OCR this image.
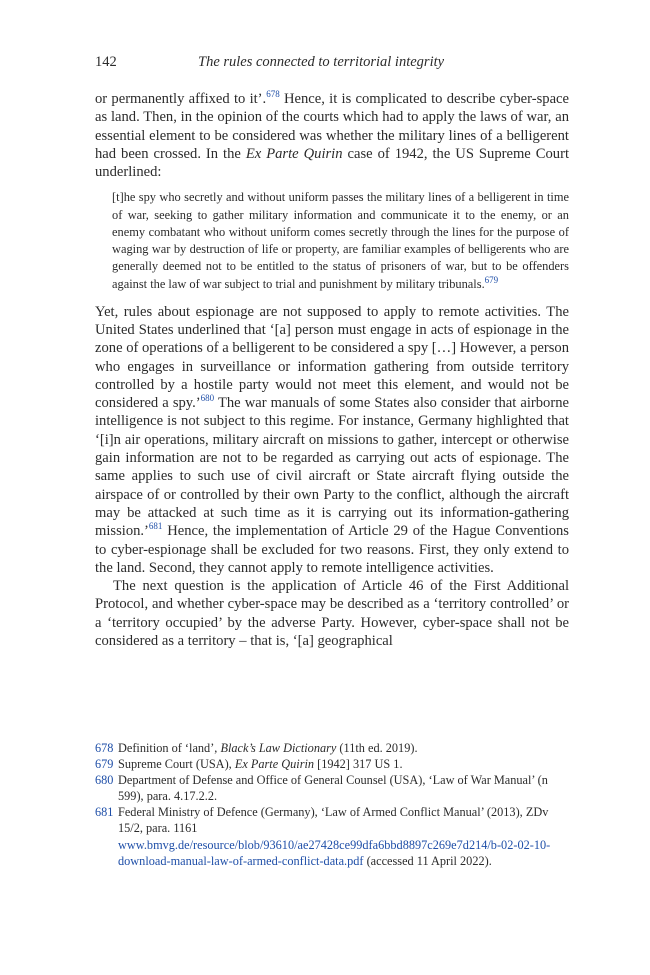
142	The rules connected to territorial integrity

or permanently affixed to it’.$^{678}$ Hence, it is complicated to describe cyber-space as land. Then, in the opinion of the courts which had to apply the laws of war, an essential element to be considered was whether the military lines of a belligerent had been crossed. In the Ex Parte Quirin case of 1942, the US Supreme Court underlined:

[t]he spy who secretly and without uniform passes the military lines of a belligerent in time of war, seeking to gather military information and communicate it to the enemy, or an enemy combatant who without uniform comes secretly through the lines for the purpose of waging war by destruction of life or property, are familiar examples of belligerents who are generally deemed not to be entitled to the status of prisoners of war, but to be offenders against the law of war subject to trial and punishment by military tribunals.$^{679}$

Yet, rules about espionage are not supposed to apply to remote activities. The United States underlined that ‘[a] person must engage in acts of espionage in the zone of operations of a belligerent to be considered a spy […] However, a person who engages in surveillance or information gathering from outside territory controlled by a hostile party would not meet this element, and would not be considered a spy.’$^{680}$ The war manuals of some States also consider that airborne intelligence is not subject to this regime. For instance, Germany highlighted that ‘[i]n air operations, military aircraft on missions to gather, intercept or otherwise gain information are not to be regarded as carrying out acts of espionage. The same applies to such use of civil aircraft or State aircraft flying outside the airspace of or controlled by their own Party to the conflict, although the aircraft may be attacked at such time as it is carrying out its information-gathering mission.’$^{681}$ Hence, the implementation of Article 29 of the Hague Conventions to cyber-espionage shall be excluded for two reasons. First, they only extend to the land. Second, they cannot apply to remote intelligence activities.

The next question is the application of Article 46 of the First Additional Protocol, and whether cyber-space may be described as a ‘territory controlled’ or a ‘territory occupied’ by the adverse Party. However, cyber-space shall not be considered as a territory – that is, ‘[a] geographical

678 Definition of ‘land’, Black’s Law Dictionary (11th ed. 2019).
679 Supreme Court (USA), Ex Parte Quirin [1942] 317 US 1.
680 Department of Defense and Office of General Counsel (USA), ‘Law of War Manual’ (n 599), para. 4.17.2.2.
681 Federal Ministry of Defence (Germany), ‘Law of Armed Conflict Manual’ (2013), ZDv 15/2, para. 1161 www.bmvg.de/resource/blob/93610/ae27428ce99dfa6bbd8897c269e7d214/b-02-02-10-download-manual-law-of-armed-conflict-data.pdf (accessed 11 April 2022).
